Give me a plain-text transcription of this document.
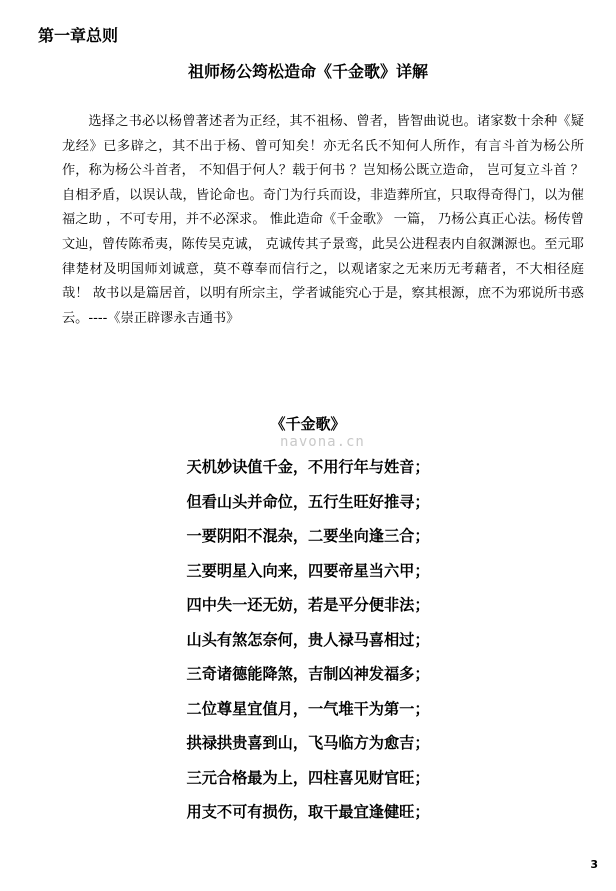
第一章总则
祖师杨公筠松造命《千金歌》详解

选择之书必以杨曾著述者为正经，其不祖杨、曾者，皆智曲说也。诸家数十余种《疑龙经》已多辟之，其不出于杨、曾可知矣！亦无名氏不知何人所作，有言斗首为杨公所作，称为杨公斗首者， 不知倡于何人？载于何书 ？岂知杨公既立造命， 岂可复立斗首 ？自相矛盾，以误认哉，皆论命也。奇门为行兵而设，非造葬所宜，只取得奇得门，以为催福之助 ，不可专用，并不必深求。 惟此造命《千金歌》 一篇， 乃杨公真正心法。杨传曾文辿，曾传陈希夷，陈传吴克诚， 克诚传其子景鸾，此吴公进程表内自叙渊源也。至元耶律楚材及明国师刘诚意，莫不尊奉而信行之，以观诸家之无来历无考藉者，不大相径庭哉！ 故书以是篇居首，以明有所宗主，学者诚能究心于是，察其根源，庶不为邪说所书惑云。----《崇正辟谬永吉通书》

《千金歌》
navona.cn
天机妙诀值千金，不用行年与姓音；
但看山头并命位，五行生旺好推寻；
一要阴阳不混杂，二要坐向逢三合；
三要明星入向来，四要帝星当六甲；
四中失一还无妨，若是平分便非法；
山头有煞怎奈何，贵人禄马喜相过；
三奇诸德能降煞，吉制凶神发福多；
二位尊星宜值月，一气堆干为第一；
拱禄拱贵喜到山，飞马临方为愈吉；
三元合格最为上，四柱喜见财官旺；
用支不可有损伤，取干最宜逢健旺；
3
